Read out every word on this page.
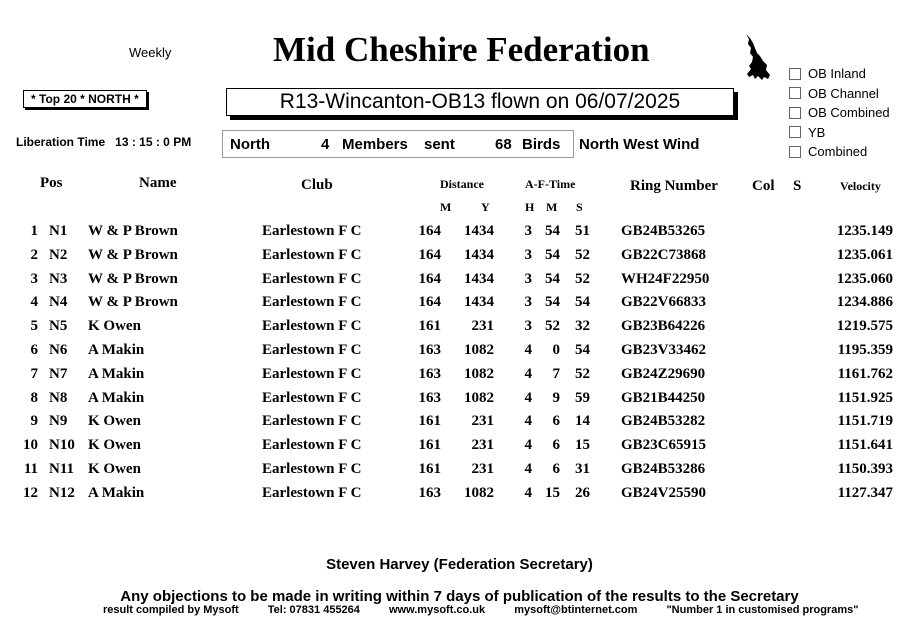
Weekly	Mid Cheshire Federation
OB Inland
OB Channel
OB Combined
YB
Combined
* Top 20 * NORTH *	R13-Wincanton-OB13 flown on 06/07/2025
Liberation Time 13 : 15 : 0 PM	North	4 Members sent	68 Birds North West Wind
Pos	Name	Club	Distance	A-F-Time	Ring Number Col S	Velocity
M Y	H M S
1 N1 W & P Brown	Earlestown F C	164 1434 3 54 51 GB24B53265	1235.149
2 N2 W & P Brown	Earlestown F C	164 1434 3 54 52 GB22C73868	1235.061
3 N3 W & P Brown	Earlestown F C	164 1434 3 54 52 WH24F22950	1235.060
4 N4 W & P Brown	Earlestown F C	164 1434 3 54 54 GB22V66833	1234.886
5 N5 K Owen	Earlestown F C	161 231 3 52 32 GB23B64226	1219.575
6 N6 A Makin	Earlestown F C	163 1082 4 0 54 GB23V33462	1195.359
7 N7 A Makin	Earlestown F C	163 1082 4 7 52 GB24Z29690	1161.762
8 N8 A Makin	Earlestown F C	163 1082 4 9 59 GB21B44250	1151.925
9 N9 K Owen	Earlestown F C	161 231 4 6 14 GB24B53282	1151.719
10 N10 K Owen	Earlestown F C	161 231 4 6 15 GB23C65915	1151.641
11 N11 K Owen	Earlestown F C	161 231 4 6 31 GB24B53286	1150.393
12 N12 A Makin	Earlestown F C	163 1082 4 15 26 GB24V25590	1127.347
Steven Harvey (Federation Secretary)
Any objections to be made in writing within 7 days of publication of the results to the Secretary
result compiled by Mysoft	Tel: 07831 455264	www.mysoft.co.uk	mysoft@btinternet.com	"Number 1 in customised programs"
